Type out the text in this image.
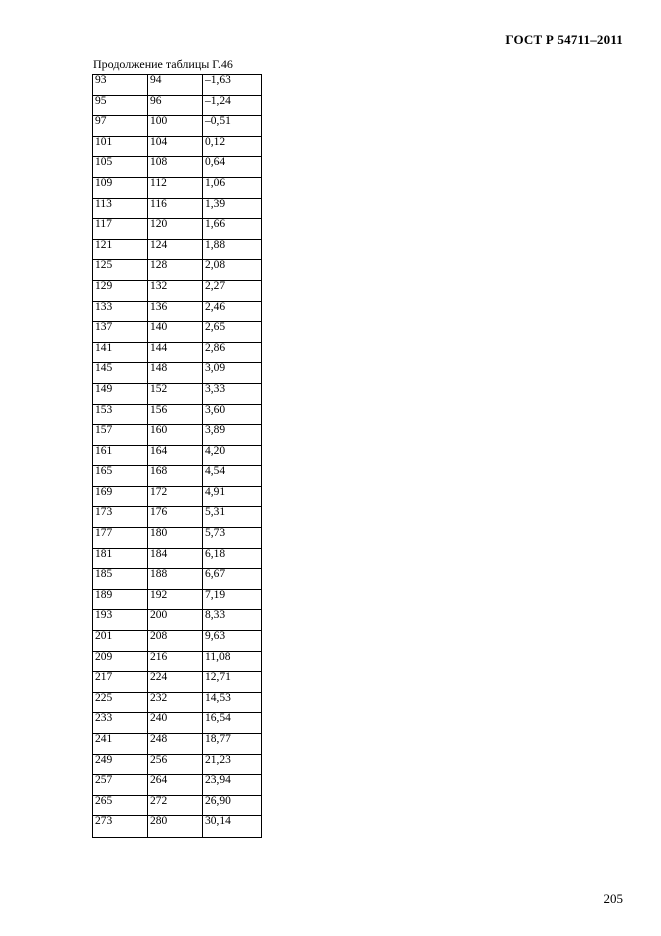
ГОСТ Р 54711–2011
Продолжение таблицы Г.46
93	94	–1,63
95	96	–1,24
97	100	–0,51
101	104	0,12
105	108	0,64
109	112	1,06
113	116	1,39
117	120	1,66
121	124	1,88
125	128	2,08
129	132	2,27
133	136	2,46
137	140	2,65
141	144	2,86
145	148	3,09
149	152	3,33
153	156	3,60
157	160	3,89
161	164	4,20
165	168	4,54
169	172	4,91
173	176	5,31
177	180	5,73
181	184	6,18
185	188	6,67
189	192	7,19
193	200	8,33
201	208	9,63
209	216	11,08
217	224	12,71
225	232	14,53
233	240	16,54
241	248	18,77
249	256	21,23
257	264	23,94
265	272	26,90
273	280	30,14
205
